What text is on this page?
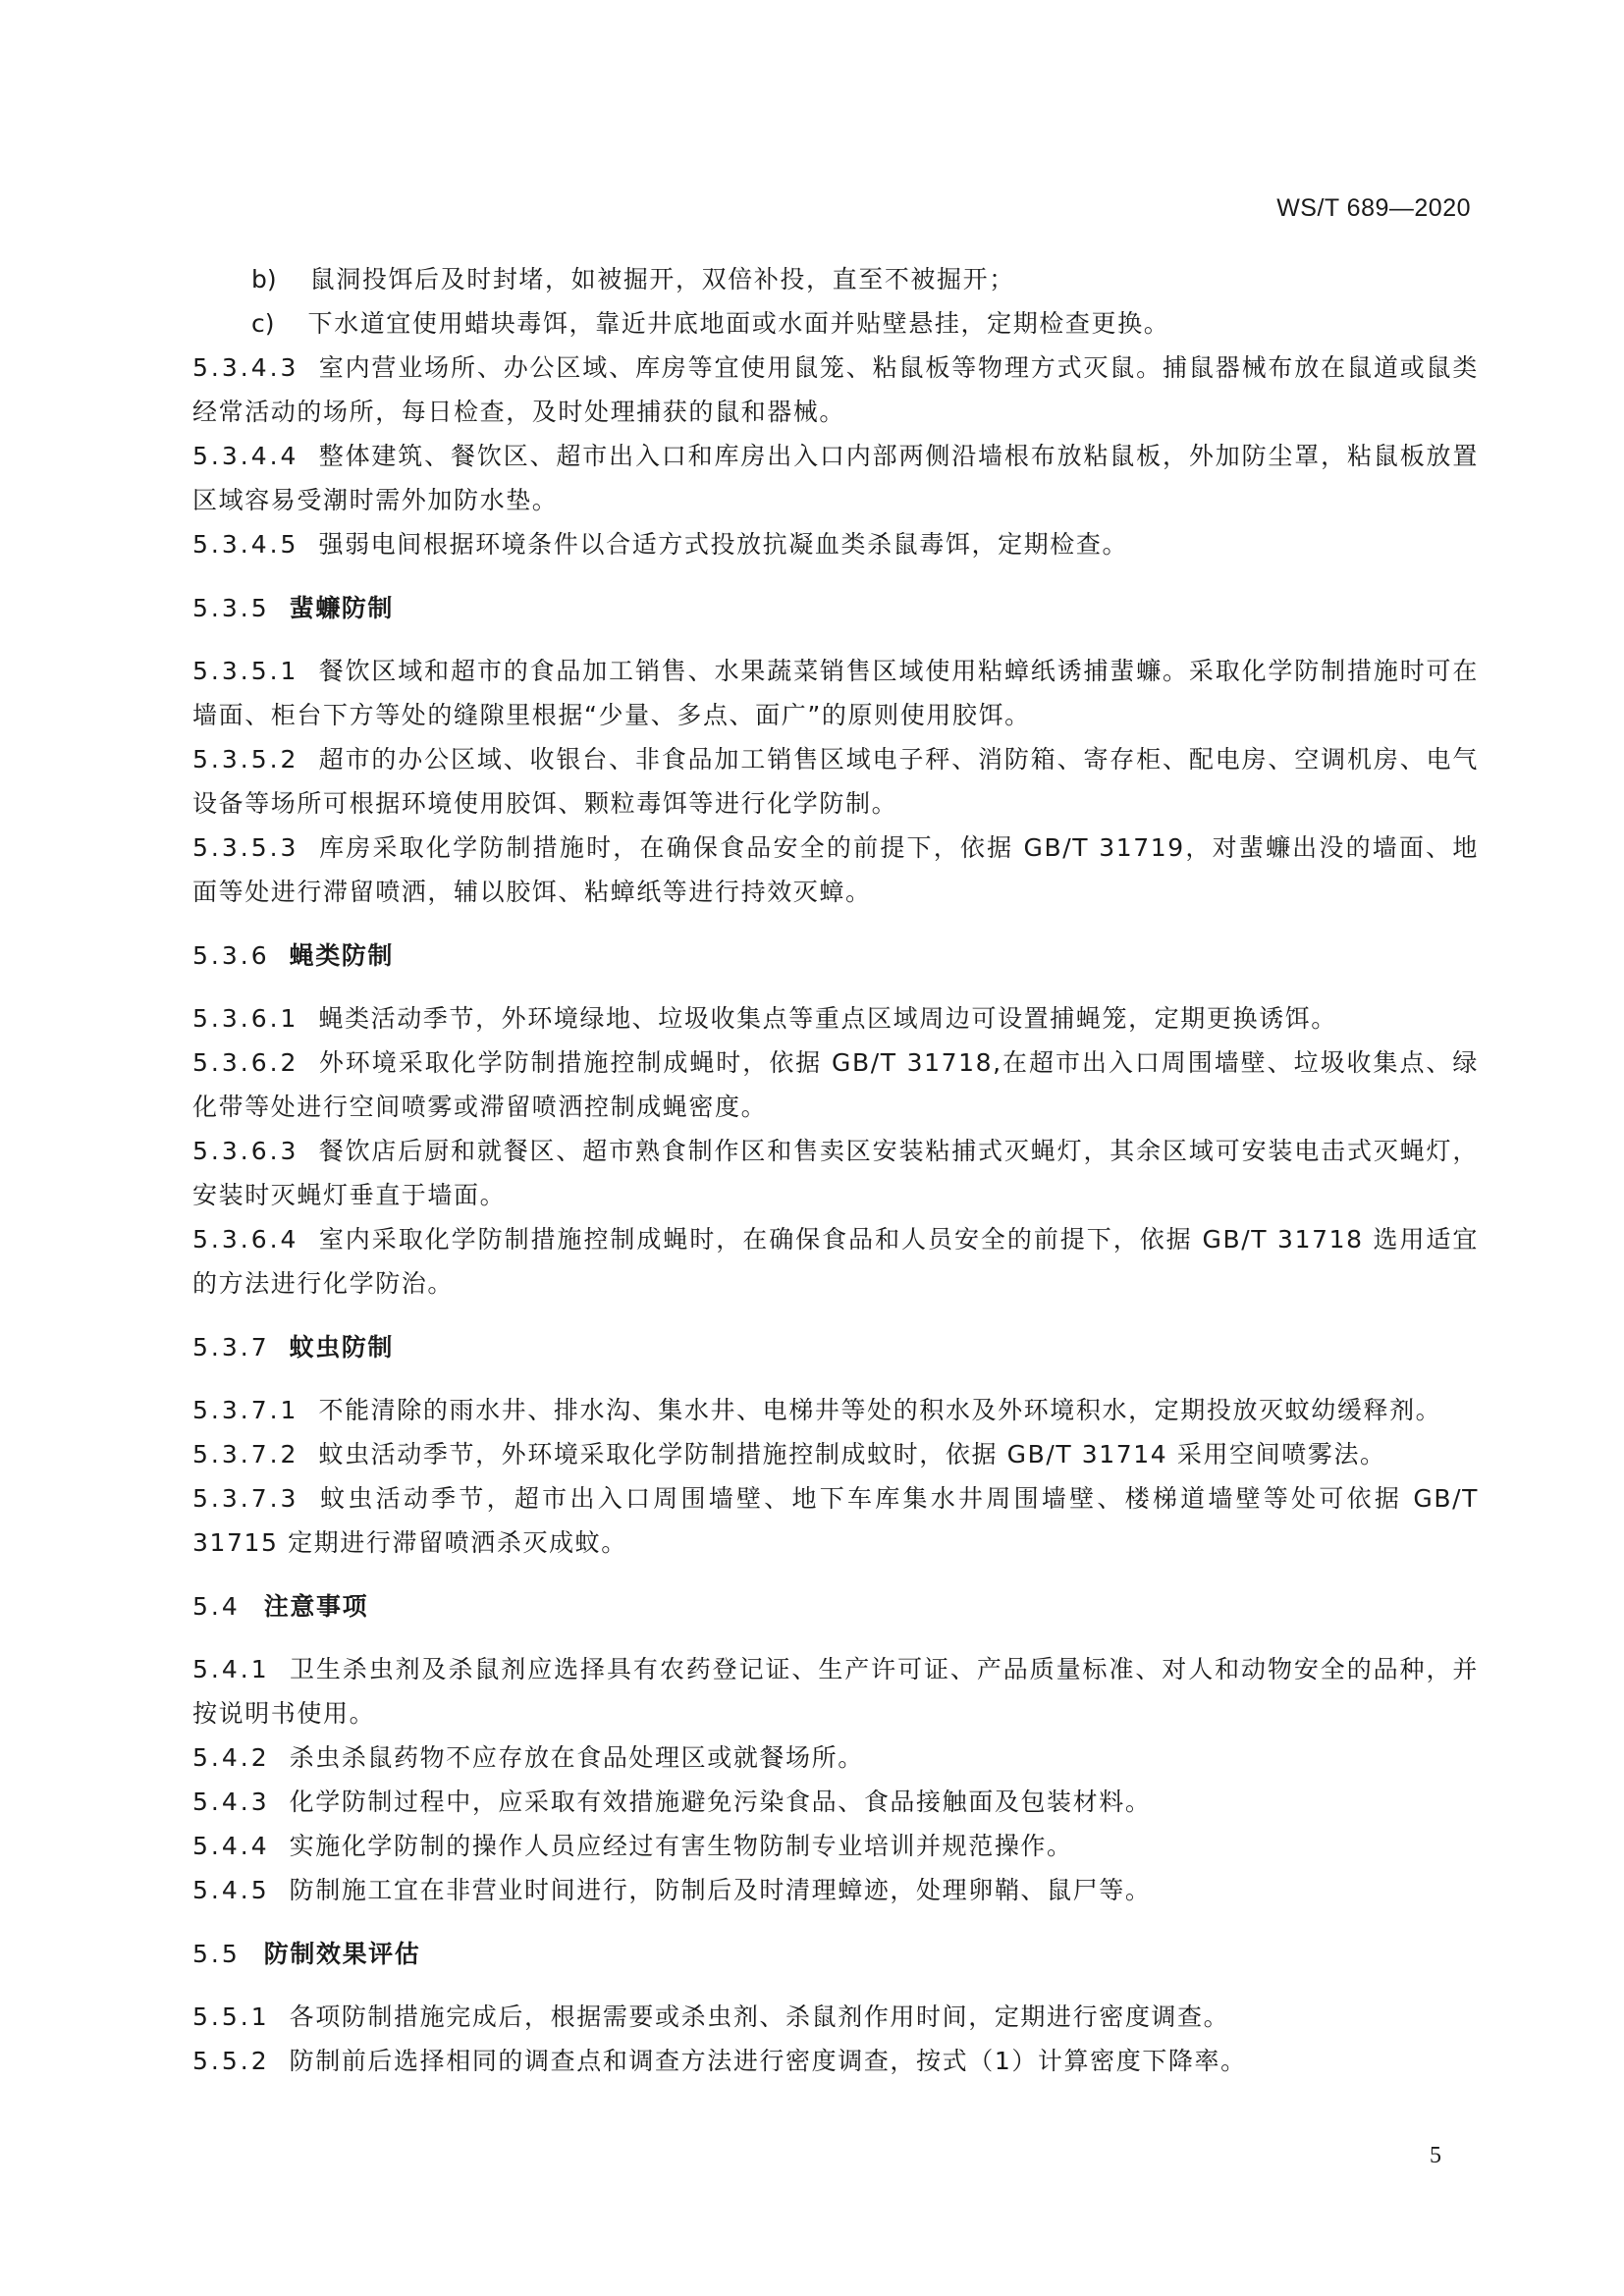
WS/T 689—2020
b) 鼠洞投饵后及时封堵，如被掘开，双倍补投，直至不被掘开；
c) 下水道宜使用蜡块毒饵，靠近井底地面或水面并贴壁悬挂，定期检查更换。
5.3.4.3 室内营业场所、办公区域、库房等宜使用鼠笼、粘鼠板等物理方式灭鼠。捕鼠器械布放在鼠道或鼠类经常活动的场所，每日检查，及时处理捕获的鼠和器械。
5.3.4.4 整体建筑、餐饮区、超市出入口和库房出入口内部两侧沿墙根布放粘鼠板，外加防尘罩，粘鼠板放置区域容易受潮时需外加防水垫。
5.3.4.5 强弱电间根据环境条件以合适方式投放抗凝血类杀鼠毒饵，定期检查。
5.3.5 蜚蠊防制
5.3.5.1 餐饮区域和超市的食品加工销售、水果蔬菜销售区域使用粘蟑纸诱捕蜚蠊。采取化学防制措施时可在墙面、柜台下方等处的缝隙里根据“少量、多点、面广”的原则使用胶饵。
5.3.5.2 超市的办公区域、收银台、非食品加工销售区域电子秤、消防箱、寄存柜、配电房、空调机房、电气设备等场所可根据环境使用胶饵、颗粒毒饵等进行化学防制。
5.3.5.3 库房采取化学防制措施时，在确保食品安全的前提下，依据 GB/T 31719，对蜚蠊出没的墙面、地面等处进行滞留喷洒，辅以胶饵、粘蟑纸等进行持效灭蟑。
5.3.6 蝇类防制
5.3.6.1 蝇类活动季节，外环境绿地、垃圾收集点等重点区域周边可设置捕蝇笼，定期更换诱饵。
5.3.6.2 外环境采取化学防制措施控制成蝇时，依据 GB/T 31718,在超市出入口周围墙壁、垃圾收集点、绿化带等处进行空间喷雾或滞留喷洒控制成蝇密度。
5.3.6.3 餐饮店后厨和就餐区、超市熟食制作区和售卖区安装粘捕式灭蝇灯，其余区域可安装电击式灭蝇灯，安装时灭蝇灯垂直于墙面。
5.3.6.4 室内采取化学防制措施控制成蝇时，在确保食品和人员安全的前提下，依据 GB/T 31718 选用适宜的方法进行化学防治。
5.3.7 蚊虫防制
5.3.7.1 不能清除的雨水井、排水沟、集水井、电梯井等处的积水及外环境积水，定期投放灭蚊幼缓释剂。
5.3.7.2 蚊虫活动季节，外环境采取化学防制措施控制成蚊时，依据 GB/T 31714 采用空间喷雾法。
5.3.7.3 蚊虫活动季节，超市出入口周围墙壁、地下车库集水井周围墙壁、楼梯道墙壁等处可依据 GB/T 31715 定期进行滞留喷洒杀灭成蚊。
5.4 注意事项
5.4.1 卫生杀虫剂及杀鼠剂应选择具有农药登记证、生产许可证、产品质量标准、对人和动物安全的品种，并按说明书使用。
5.4.2 杀虫杀鼠药物不应存放在食品处理区或就餐场所。
5.4.3 化学防制过程中，应采取有效措施避免污染食品、食品接触面及包装材料。
5.4.4 实施化学防制的操作人员应经过有害生物防制专业培训并规范操作。
5.4.5 防制施工宜在非营业时间进行，防制后及时清理蟑迹，处理卵鞘、鼠尸等。
5.5 防制效果评估
5.5.1 各项防制措施完成后，根据需要或杀虫剂、杀鼠剂作用时间，定期进行密度调查。
5.5.2 防制前后选择相同的调查点和调查方法进行密度调查，按式（1）计算密度下降率。
5
